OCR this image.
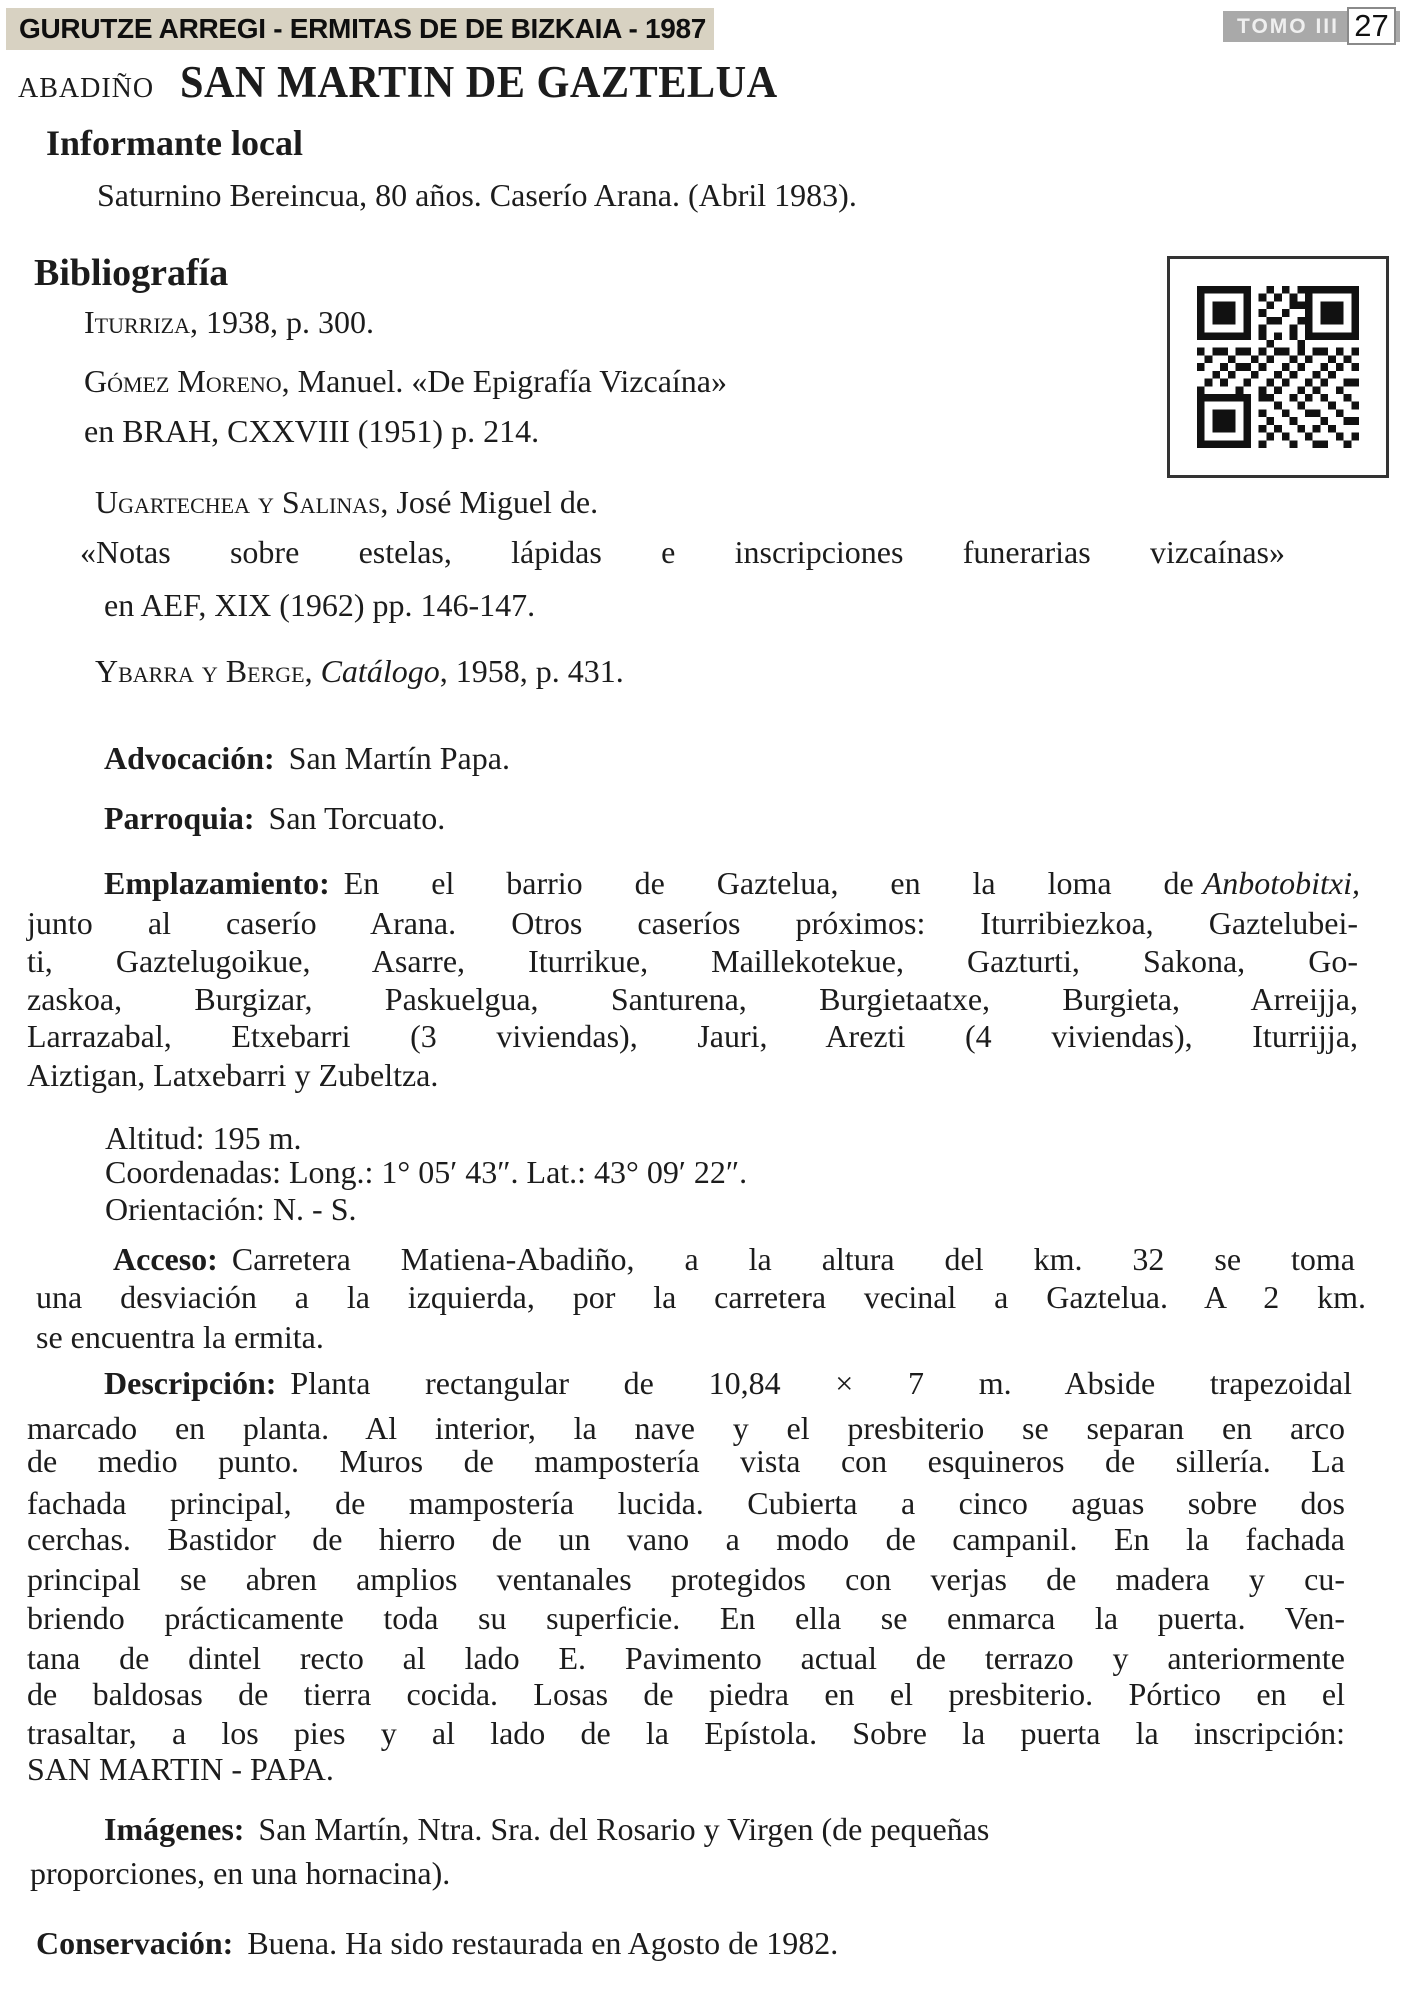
GURUTZE ARREGI - ERMITAS DE DE BIZKAIA - 1987	TOMO III 27
ABADIÑO SAN MARTIN DE GAZTELUA
Informante local
Saturnino Bereincua, 80 años. Caserío Arana. (Abril 1983).
Bibliografía
Iturriza, 1938, p. 300.
Gómez Moreno, Manuel. «De Epigrafía Vizcaína»
en BRAH, CXXVIII (1951) p. 214.
Ugartechea y Salinas, José Miguel de.
«Notas sobre estelas, lápidas e inscripciones funerarias vizcaínas»
en AEF, XIX (1962) pp. 146-147.
Ybarra y Berge, Catálogo, 1958, p. 431.
Advocación: San Martín Papa.
Parroquia: San Torcuato.
Emplazamiento: En el barrio de Gaztelua, en la loma de Anbotobitxi,
junto al caserío Arana. Otros caseríos próximos: Iturribiezkoa, Gaztelubei-
ti, Gaztelugoikue, Asarre, Iturrikue, Maillekotekue, Gazturti, Sakona, Go-
zaskoa, Burgizar, Paskuelgua, Santurena, Burgietaatxe, Burgieta, Arreijja,
Larrazabal, Etxebarri (3 viviendas), Jauri, Arezti (4 viviendas), Iturrijja,
Aiztigan, Latxebarri y Zubeltza.
Altitud: 195 m.
Coordenadas: Long.: 1° 05′ 43″. Lat.: 43° 09′ 22″.
Orientación: N. - S.
Acceso: Carretera Matiena-Abadiño, a la altura del km. 32 se toma
una desviación a la izquierda, por la carretera vecinal a Gaztelua. A 2 km.
se encuentra la ermita.
Descripción: Planta rectangular de 10,84 × 7 m. Abside trapezoidal
marcado en planta. Al interior, la nave y el presbiterio se separan en arco
de medio punto. Muros de mampostería vista con esquineros de sillería. La
fachada principal, de mampostería lucida. Cubierta a cinco aguas sobre dos
cerchas. Bastidor de hierro de un vano a modo de campanil. En la fachada
principal se abren amplios ventanales protegidos con verjas de madera y cu-
briendo prácticamente toda su superficie. En ella se enmarca la puerta. Ven-
tana de dintel recto al lado E. Pavimento actual de terrazo y anteriormente
de baldosas de tierra cocida. Losas de piedra en el presbiterio. Pórtico en el
trasaltar, a los pies y al lado de la Epístola. Sobre la puerta la inscripción:
SAN MARTIN - PAPA.
Imágenes: San Martín, Ntra. Sra. del Rosario y Virgen (de pequeñas
proporciones, en una hornacina).
Conservación: Buena. Ha sido restaurada en Agosto de 1982.
